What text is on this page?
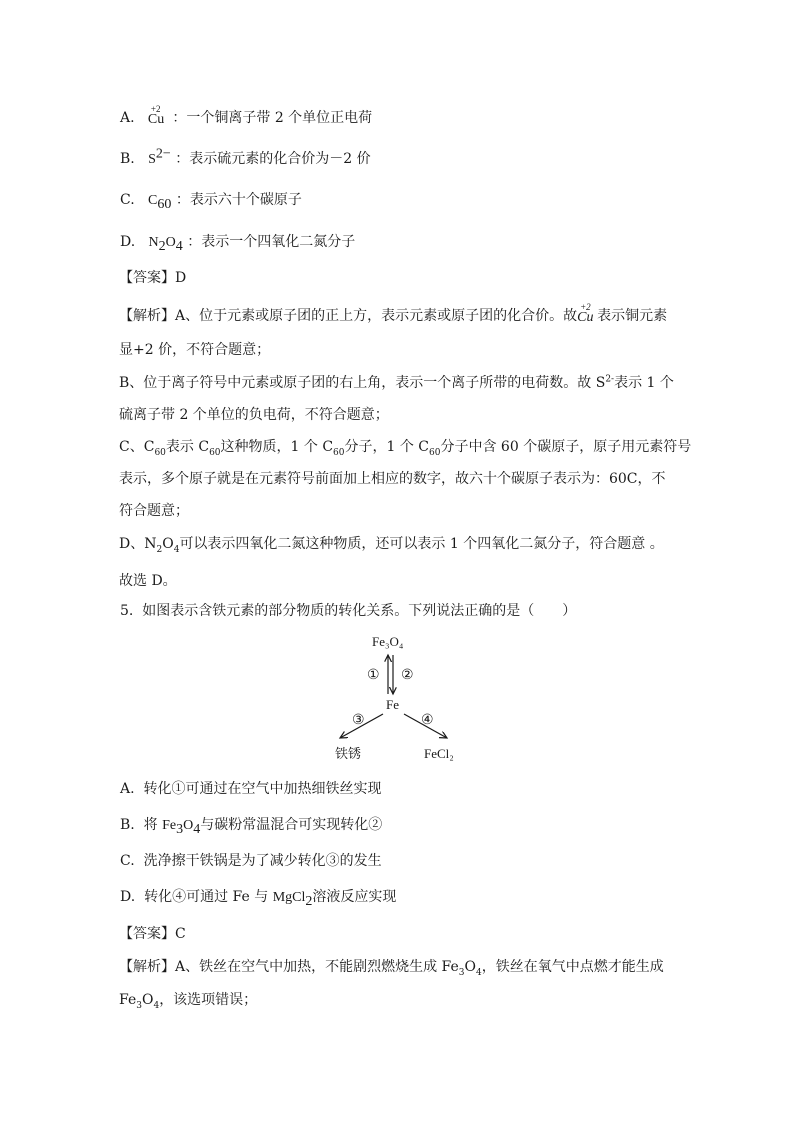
A.
+2
Cu ：一个铜离子带 2 个单位正电荷
B. $S^{2-}$ ：表示硫元素的化合价为－2 价
C. $C_{60}$ ：表示六十个碳原子
D. $N_2O_4$ ：表示一个四氧化二氮分子
【答案】D
【解析】A、位于元素或原子团的正上方，表示元素或原子团的化合价。故
+2
Cu 表示铜元素
显+2 价，不符合题意；
B、位于离子符号中元素或原子团的右上角，表示一个离子所带的电荷数。故 $S^{2-}$表示 1 个
硫离子带 2 个单位的负电荷，不符合题意；
C、$C_{60}$表示 $C_{60}$这种物质，1 个 $C_{60}$分子，1 个 $C_{60}$分子中含 60 个碳原子，原子用元素符号
表示，多个原子就是在元素符号前面加上相应的数字，故六十个碳原子表示为：60C，不
符合题意；
D、$N_2O_4$可以表示四氧化二氮这种物质，还可以表示 1 个四氧化二氮分子，符合题意 。
故选 D。
5. 如图表示含铁元素的部分物质的转化关系。下列说法正确的是（　　）
Fe₃O₄
① ②
Fe
③	④
铁锈	FeCl₂
A. 转化①可通过在空气中加热细铁丝实现
B. 将 $Fe_3O_4$与碳粉常温混合可实现转化②
C. 洗净擦干铁锅是为了减少转化③的发生
D. 转化④可通过 Fe 与 MgCl$_2$溶液反应实现
【答案】C
【解析】A、铁丝在空气中加热，不能剧烈燃烧生成 $Fe_3O_4$，铁丝在氧气中点燃才能生成
$Fe_3O_4$，该选项错误；
